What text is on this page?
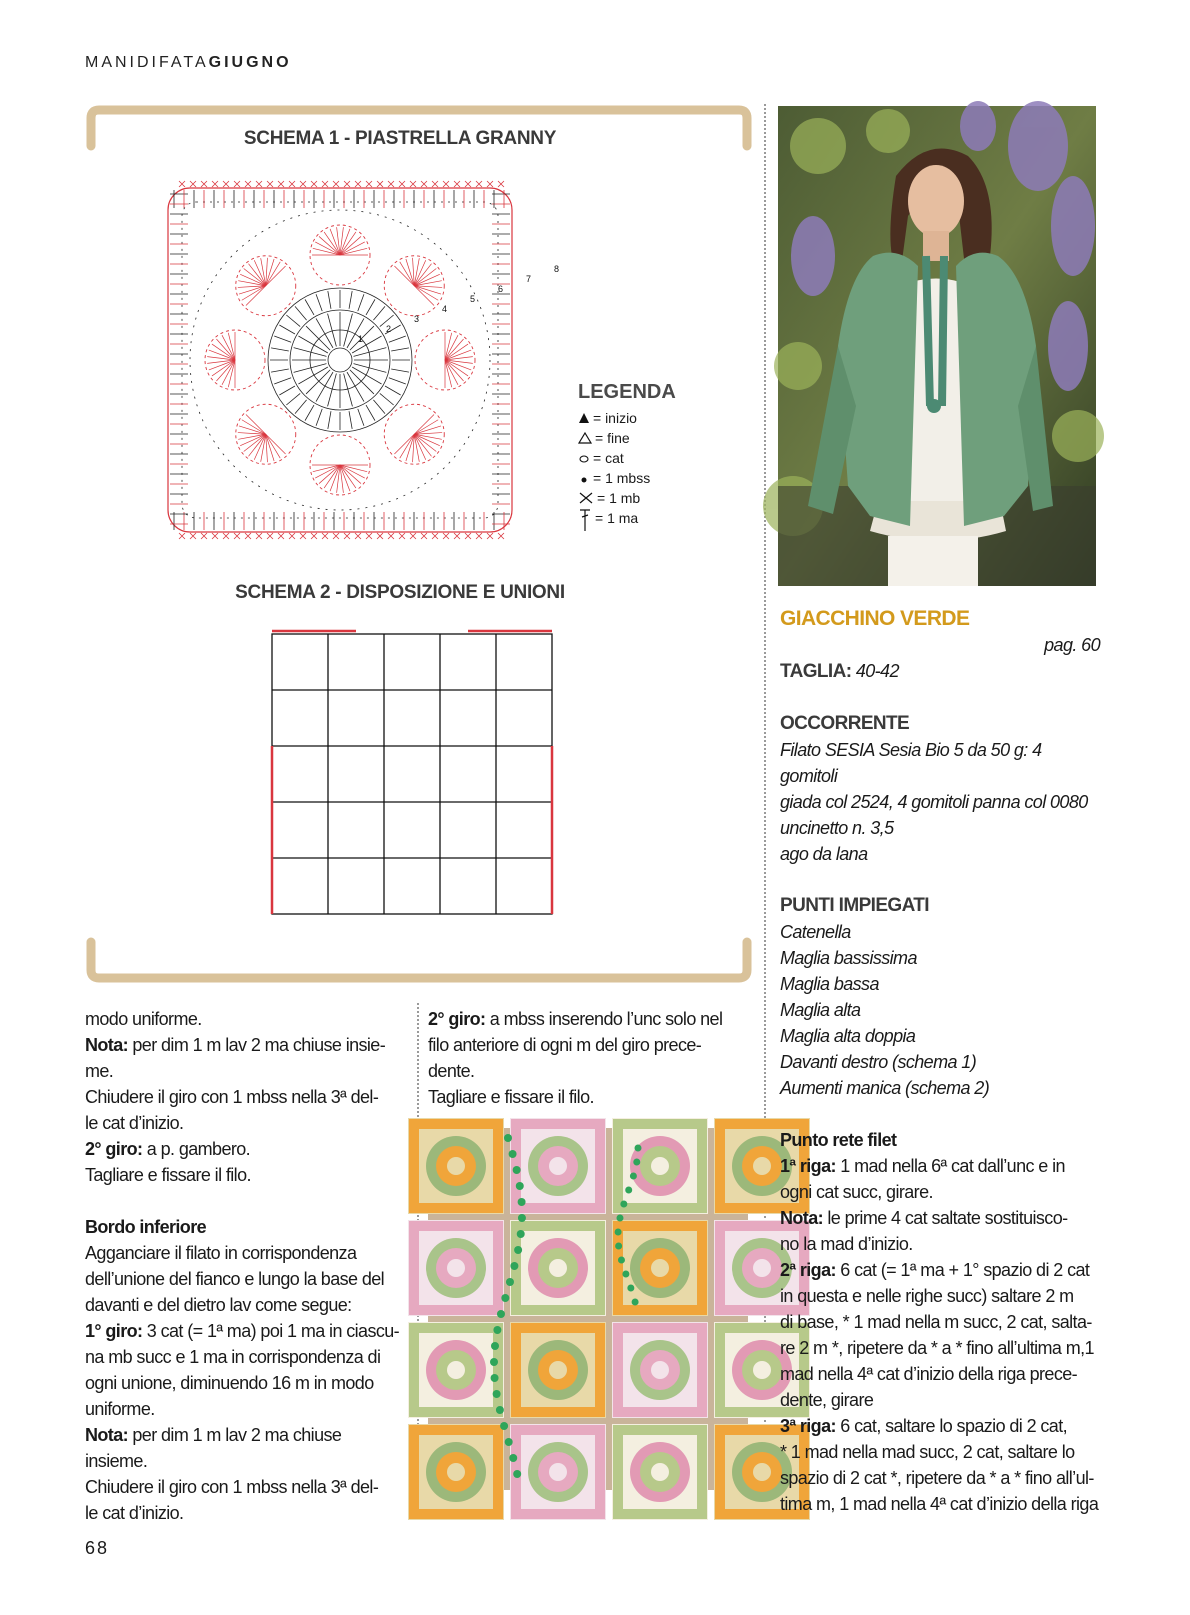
MANIDIFATAGIUGNO
SCHEMA 1 - PIASTRELLA GRANNY
1
2
3
4
5
6
7
8
LEGENDA
= inizio
= fine
= cat
= 1 mbss
= 1 mb
= 1 ma
SCHEMA 2 - DISPOSIZIONE E UNIONI

modo uniforme.

Nota: per dim 1 m lav 2 ma chiuse insie-

me.

Chiudere il giro con 1 mbss nella 3ª del-

le cat d’inizio.

2° giro: a p. gambero.

Tagliare e fissare il filo.

Bordo inferiore

Agganciare il filato in corrispondenza

dell’unione del fianco e lungo la base del

davanti e del dietro lav come segue:

1° giro: 3 cat (= 1ª ma) poi 1 ma in ciascu-

na mb succ e 1 ma in corrispondenza di

ogni unione, diminuendo 16 m in modo

uniforme.

Nota: per dim 1 m lav 2 ma chiuse insieme.

Chiudere il giro con 1 mbss nella 3ª del-

le cat d’inizio.

2° giro: a mbss inserendo l’unc solo nel

filo anteriore di ogni m del giro prece-

dente.

Tagliare e fissare il filo.

GIACCHINO VERDE

pag. 60

TAGLIA: 40-42

OCCORRENTE

Filato SESIA Sesia Bio 5 da 50 g: 4 gomitoli

giada col 2524, 4 gomitoli panna col 0080

uncinetto n. 3,5

ago da lana

PUNTI IMPIEGATI

Catenella

Maglia bassissima

Maglia bassa

Maglia alta

Maglia alta doppia

Davanti destro (schema 1)

Aumenti manica (schema 2)

Punto rete filet

1ª riga: 1 mad nella 6ª cat dall’unc e in

ogni cat succ, girare.

Nota: le prime 4 cat saltate sostituisco-

no la mad d’inizio.

2ª riga: 6 cat (= 1ª ma + 1° spazio di 2 cat

in questa e nelle righe succ) saltare 2 m

di base, * 1 mad nella m succ, 2 cat, salta-

re 2 m *, ripetere da * a * fino all’ultima m,1

mad nella 4ª cat d’inizio della riga prece-

dente, girare

3ª riga: 6 cat, saltare lo spazio di 2 cat,

* 1 mad nella mad succ, 2 cat, saltare lo

spazio di 2 cat *, ripetere da * a * fino all’ul-

tima m, 1 mad nella 4ª cat d’inizio della riga

68
